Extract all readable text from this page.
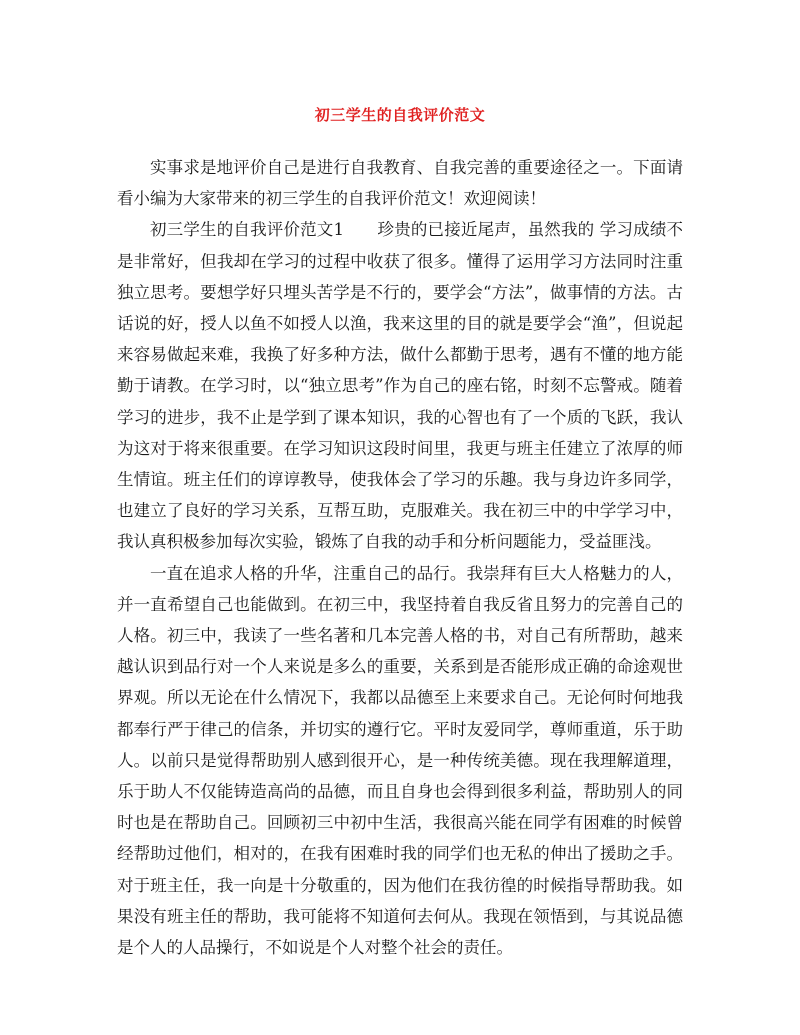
初三学生的自我评价范文

实事求是地评价自己是进行自我教育、自我完善的重要途径之一。下面请看小编为大家带来的初三学生的自我评价范文！欢迎阅读！

初三学生的自我评价范文1　　珍贵的已接近尾声，虽然我的 学习成绩不是非常好，但我却在学习的过程中收获了很多。懂得了运用学习方法同时注重独立思考。要想学好只埋头苦学是不行的，要学会“方法”，做事情的方法。古话说的好，授人以鱼不如授人以渔，我来这里的目的就是要学会“渔”，但说起来容易做起来难，我换了好多种方法，做什么都勤于思考，遇有不懂的地方能勤于请教。在学习时，以“独立思考”作为自己的座右铭，时刻不忘警戒。随着学习的进步，我不止是学到了课本知识，我的心智也有了一个质的飞跃，我认为这对于将来很重要。在学习知识这段时间里，我更与班主任建立了浓厚的师生情谊。班主任们的谆谆教导，使我体会了学习的乐趣。我与身边许多同学，也建立了良好的学习关系，互帮互助，克服难关。我在初三中的中学学习中，我认真积极参加每次实验，锻炼了自我的动手和分析问题能力，受益匪浅。

一直在追求人格的升华，注重自己的品行。我崇拜有巨大人格魅力的人，并一直希望自己也能做到。在初三中，我坚持着自我反省且努力的完善自己的人格。初三中，我读了一些名著和几本完善人格的书，对自己有所帮助，越来越认识到品行对一个人来说是多么的重要，关系到是否能形成正确的命途观世界观。所以无论在什么情况下，我都以品德至上来要求自己。无论何时何地我都奉行严于律己的信条，并切实的遵行它。平时友爱同学，尊师重道，乐于助人。以前只是觉得帮助别人感到很开心，是一种传统美德。现在我理解道理，乐于助人不仅能铸造高尚的品德，而且自身也会得到很多利益，帮助别人的同时也是在帮助自己。回顾初三中初中生活，我很高兴能在同学有困难的时候曾经帮助过他们，相对的，在我有困难时我的同学们也无私的伸出了援助之手。对于班主任，我一向是十分敬重的，因为他们在我彷徨的时候指导帮助我。如果没有班主任的帮助，我可能将不知道何去何从。我现在领悟到，与其说品德是个人的人品操行，不如说是个人对整个社会的责任。
